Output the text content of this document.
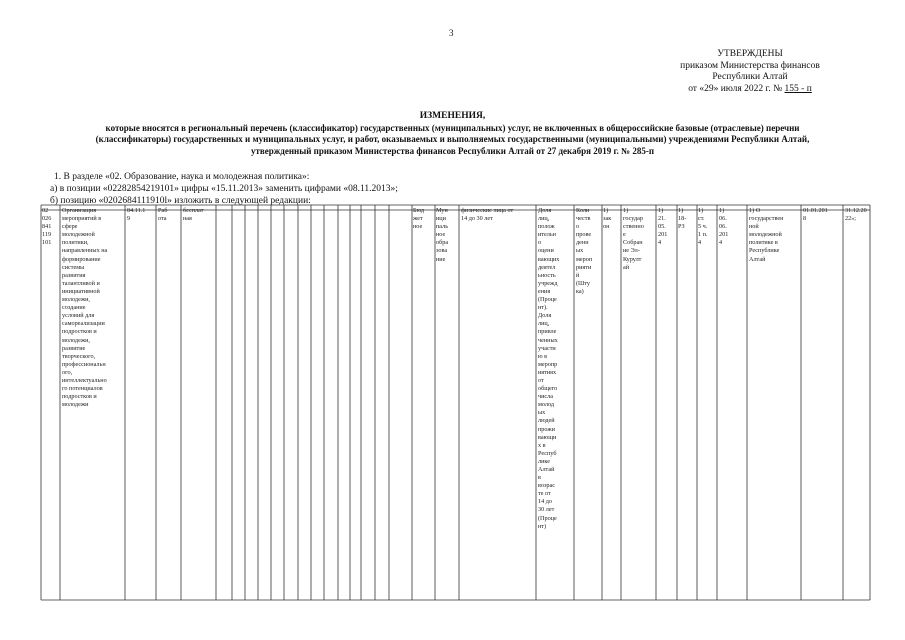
3
УТВЕРЖДЕНЫ
приказом Министерства финансов
Республики Алтай
от «29» июля 2022 г. № 155 - п
ИЗМЕНЕНИЯ,
которые вносятся в региональный перечень (классификатор) государственных (муниципальных) услуг, не включенных в общероссийские базовые (отраслевые) перечни
(классификаторы) государственных и муниципальных услуг, и работ, оказываемых и выполняемых государственными (муниципальными) учреждениями Республики Алтай,
утвержденный приказом Министерства финансов Республики Алтай от 27 декабря 2019 г. № 285-п
1. В разделе «02. Образование, наука и молодежная политика»:
а) в позиции «02282854219101» цифры «15.11.2013» заменить цифрами «08.11.2013»;
б) позицию «0202684111910l» изложить в следующей редакции:
02
026
841
119
101
Организация
мероприятий в
сфере
молодежной
политики,
направленных на
формирование
системы
развития
талантливой и
инициативной
молодежи,
создание
условий для
самореализации
подростков и
молодежи,
развитие
творческого,
профессиональн
ого,
интеллектуально
го потенциалов
подростков и
молодежи
84.11.1
9
Раб
ота
бесплат
ная
Бюд
жет
ное
Мун
ици
паль
ное
обра
зова
ние
физические лица от
14 до 30 лет
Доля
лиц,
полож
ительн
о
оцени
вающих
деятел
ьность
учрежд
ения
(Проце
нт).
Доля
лиц,
привле
ченных
участи
ю в
меропр
иятиях
от
общего
числа
молод
ых
людей
прожи
вающи
х в
Респуб
лике
Алтай
в
возрас
те от
14 до
30 лет
(Проце
нт)
Коли
честв
о
прове
денн
ых
мероп
рияти
й
(Шту
ка)
1)
зак
он
1)
государ
ственно
е
Собран
ие Эл-
Курулт
ай
1)
21.
05.
201
4
1)
18-
РЗ
1)
ст.
5 ч.
1 п.
4
1)
06.
06.
201
4
1) О
государствен
ной
молодежной
политике в
Республике
Алтай
01.01.201
8
31.12.20
22»;
